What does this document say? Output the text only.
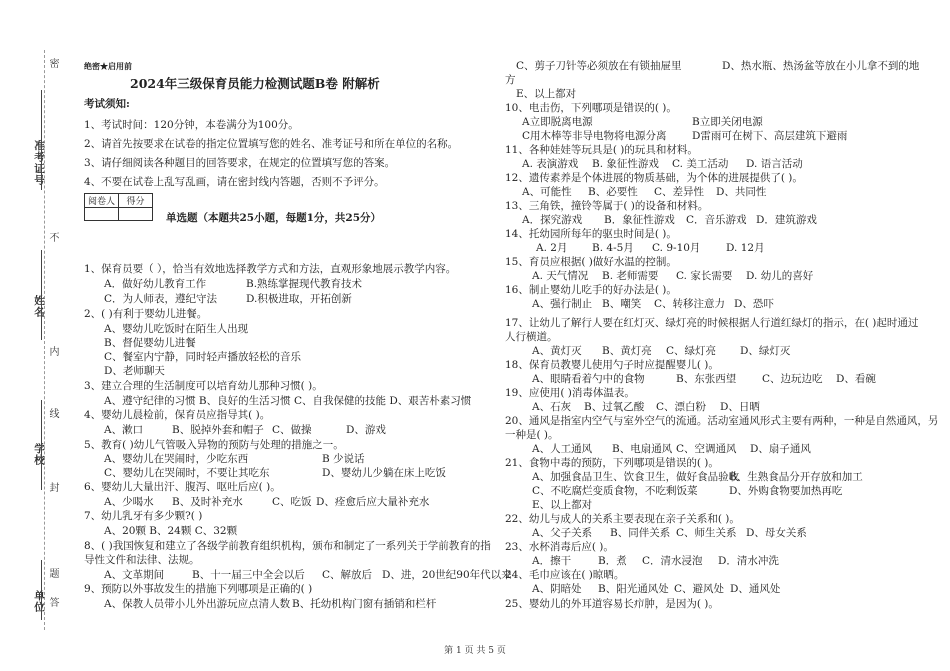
密
准考证号
不
姓名
内
线
学校
封
单位
题
答
绝密★启用前
2024年三级保育员能力检测试题B卷 附解析
考试须知:
1、考试时间：120分钟，本卷满分为100分。
2、请首先按要求在试卷的指定位置填写您的姓名、准考证号和所在单位的名称。
3、请仔细阅读各种题目的回答要求，在规定的位置填写您的答案。
4、不要在试卷上乱写乱画，请在密封线内答题，否则不予评分。
阅卷人	得分

单选题（本题共25小题，每题1分，共25分）
1、保育员要（ ），恰当有效地选择教学方式和方法，直观形象地展示教学内容。
A．做好幼儿教育工作	B.熟练掌握现代教育技术
C．为人师表，遵纪守法	D.积极进取，开拓创新
2、( )有利于婴幼儿进餐。
A、婴幼儿吃饭时在陌生人出现
B、督促婴幼儿进餐
C、餐室内宁静，同时轻声播放轻松的音乐
D、老师聊天
3、建立合理的生活制度可以培育幼儿那种习惯( )。
A、遵守纪律的习惯 B、良好的生活习惯 C、自我保健的技能 D、艰苦朴素习惯
4、婴幼儿晨检前，保育员应指导其( )。
A、漱口	B、脱掉外套和帽子 C、做操	D、游戏
5、教育( )幼儿气管吸入异物的预防与处理的措施之一。
A、婴幼儿在哭闹时，少吃东西	B 少说话
C、婴幼儿在哭闹时，不要让其吃东	D、婴幼儿少躺在床上吃饭
6、婴幼儿大量出汗、腹泻、呕吐后应( )。
A、少喝水 B、及时补充水	C、吃饭 D、痊愈后应大量补充水
7、幼儿乳牙有多少颗?( )
A、20颗 B、24颗 C、32颗
8、( )我国恢复和建立了各级学前教育组织机构，颁布和制定了一系列关于学前教育的指
导性文件和法律、法规。
A、文革期间	B、十一届三中全会以后 C、解放后 D、进，20世纪90年代以来
9、预防以外事故发生的措施下列哪项是正确的( )
A、保教人员带小儿外出游玩应点清人数 B、托幼机构门窗有插销和栏杆
C、剪子刀针等必须放在有锁抽屉里	D、热水瓶、热汤盆等放在小儿拿不到的地
方
E、以上都对
10、电击伤，下列哪项是错误的( )。
A立即脱离电源	B立即关闭电源
C用木棒等非导电物将电源分离 D雷雨可在树下、高层建筑下避雨
11、各种娃娃等玩具是( )的玩具和材料。
A. 表演游戏 B. 象征性游戏 C. 美工活动 D. 语言活动
12、遗传素养是个体进展的物质基础，为个体的进展提供了( )。
A、可能性 B、必要性 C、差异性 D、共同性
13、三角铁，撞铃等属于( )的设备和材料。
A．探究游戏 B．象征性游戏 C．音乐游戏 D．建筑游戏
14、托幼园所每年的驱虫时间是( )。
A. 2月 B. 4-5月 C. 9-10月 D. 12月
15、育员应根据( )做好水温的控制。
A. 天气情况 B. 老师需要 C. 家长需要 D. 幼儿的喜好
16、制止婴幼儿吃手的好办法是( )。
A、强行制止 B、嘲笑 C、转移注意力 D、恐吓
17、让幼儿了解行人要在红灯灭、绿灯亮的时候根据人行道红绿灯的指示，在( )起时通过
人行横道。
A、黄灯灭 B、黄灯亮 C、绿灯亮 D、绿灯灭
18、保育员教婴儿使用勺子时应提醒婴儿( )。
A、眼睛看着勺中的食物	B、东张西望 C、边玩边吃 D、看碗
19、应使用( )消毒体温表。
A、石灰 B、过氧乙酸 C、漂白粉 D、日晒
20、通风是指室内空气与室外空气的流通。活动室通风形式主要有两种，一种是自然通风，另
一种是( )。
A、人工通风 B、电扇通风 C、空调通风 D、扇子通风
21、食物中毒的预防，下列哪项是错误的( )。
A、加强食品卫生、饮食卫生，做好食品验收
B、生熟食品分开存放和加工
C、不吃腐烂变质食物，不吃剩饭菜	D、外购食物要加热再吃
E、以上都对
22、幼儿与成人的关系主要表现在亲子关系和( )。
A、父子关系 B、同伴关系 C、师生关系 D、母女关系
23、水杯消毒后应( )。
A．擦干	B．煮 C．清水浸泡 D．清水冲洗
24、毛巾应该在( )晾晒。
A、阴暗处 B、阳光通风处 C、避风处 D、通风处
25、婴幼儿的外耳道容易长疖肿，是因为( )。
第 1 页 共 5 页
